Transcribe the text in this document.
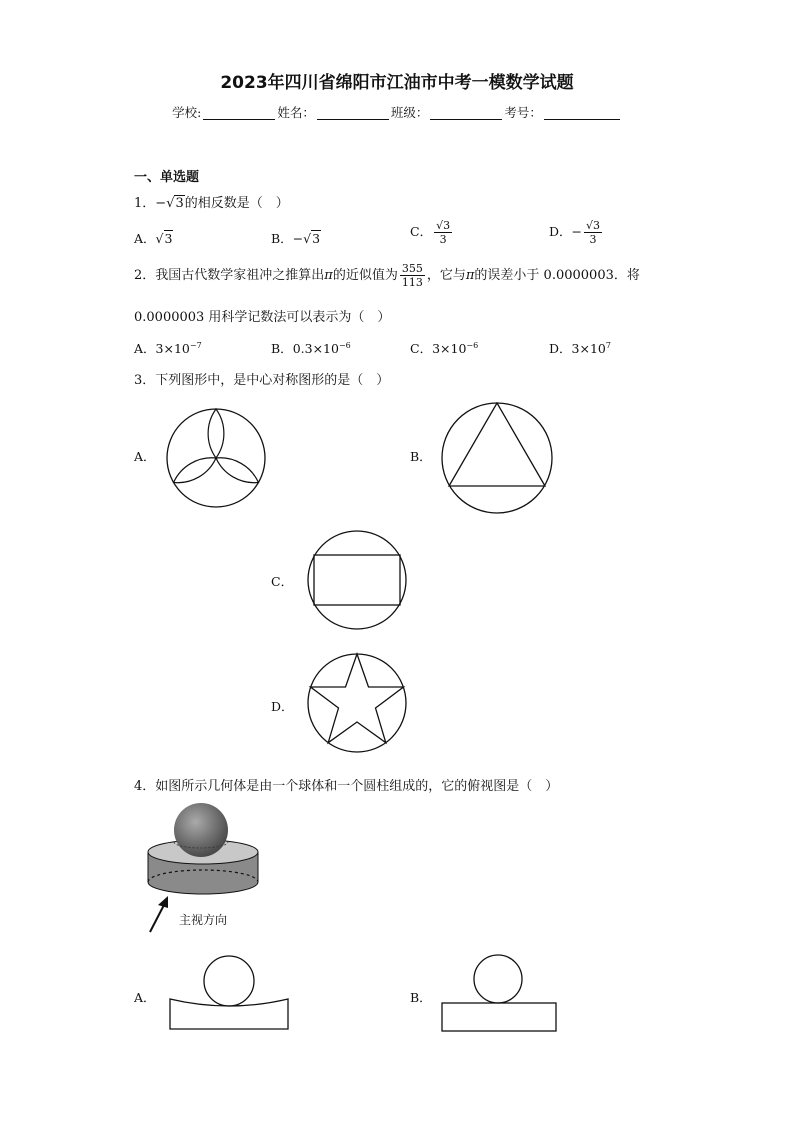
2023年四川省绵阳市江油市中考一模数学试题
学校:	姓名：	班级：	考号：
一、单选题
1．−√3的相反数是（　）
A．√3	B．−√3	C． $\frac{√3}{3}$	D．− $\frac{√3}{3}$
2．我国古代数学家祖冲之推算出π的近似值为 $\frac{355}{113}$ ，它与π的误差小于 0.0000003．将
0.0000003 用科学记数法可以表示为（　）
A．$3\times 10^{-7}$	B．$0.3\times 10^{-6}$	C．$3\times 10^{-6}$	D．$3\times 10^7$
3．下列图形中，是中心对称图形的是（　）
A．	B．
C．
D．
4．如图所示几何体是由一个球体和一个圆柱组成的，它的俯视图是（　）
主视方向
A．	B．
